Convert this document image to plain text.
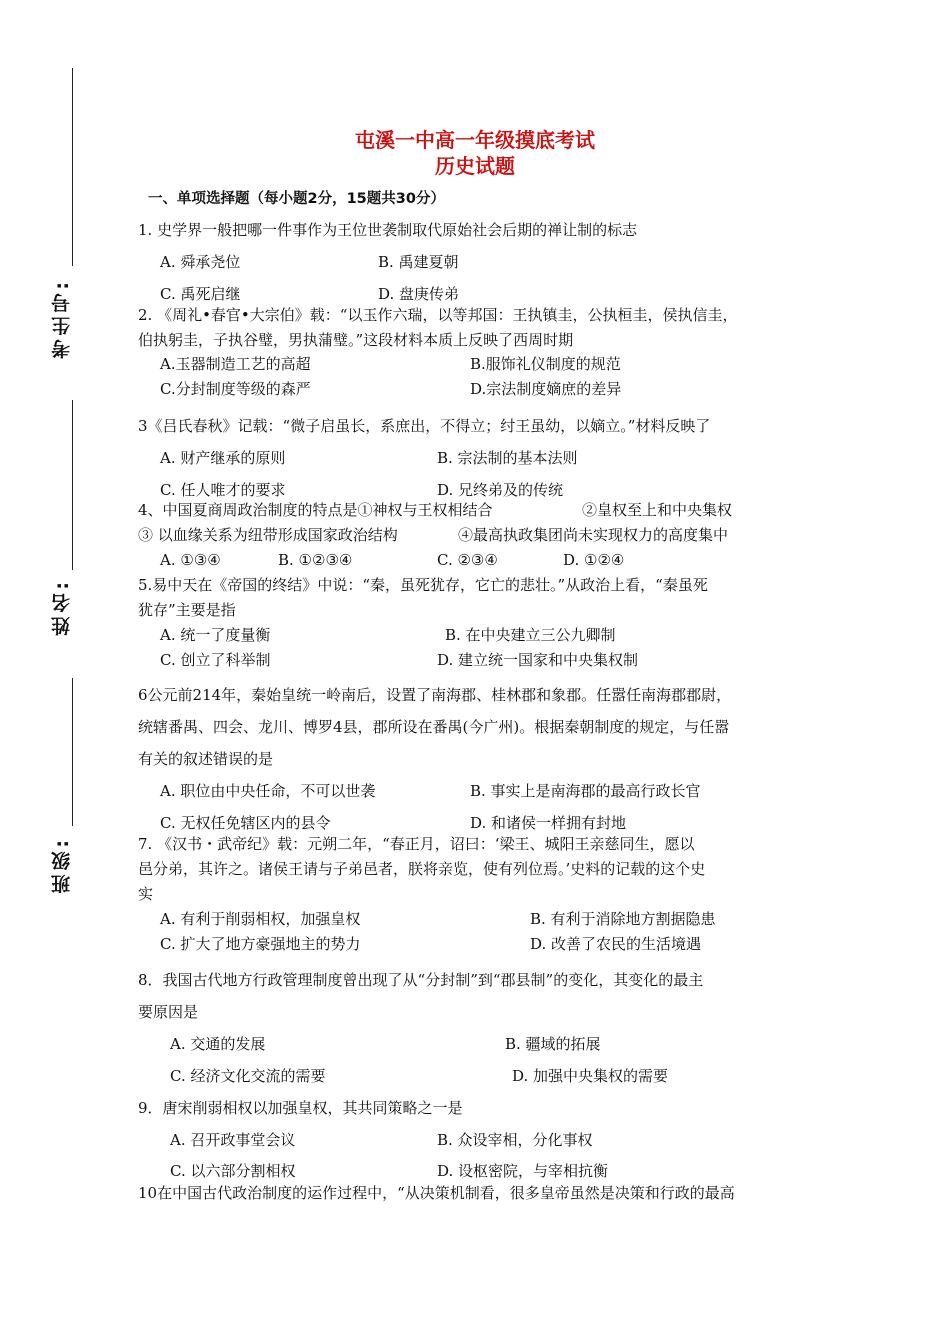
考生号:
姓名:
班级:
屯溪一中高一年级摸底考试
历史试题
一、单项选择题（每小题2分，15题共30分）
1. 史学界一般把哪一件事作为王位世袭制取代原始社会后期的禅让制的标志
A. 舜承尧位	B. 禹建夏朝
C. 禹死启继	D. 盘庚传弟
2. 《周礼•春官•大宗伯》载：“以玉作六瑞，以等邦国：王执镇圭，公执桓圭，侯执信圭，
伯执躬圭，子执谷璧，男执蒲璧。”这段材料本质上反映了西周时期
A.玉器制造工艺的高超	B.服饰礼仪制度的规范
C.分封制度等级的森严	D.宗法制度嫡庶的差异
3《吕氏春秋》记载：“微子启虽长，系庶出，不得立；纣王虽幼，以嫡立。”材料反映了
A. 财产继承的原则	B. 宗法制的基本法则
C. 任人唯才的要求	D. 兄终弟及的传统
4、中国夏商周政治制度的特点是①神权与王权相结合	②皇权至上和中央集权
③ 以血缘关系为纽带形成国家政治结构	④最高执政集团尚未实现权力的高度集中
A. ①③④	B. ①②③④	C. ②③④	D. ①②④
5.易中天在《帝国的终结》中说：“秦，虽死犹存，它亡的悲壮。”从政治上看，“秦虽死
犹存”主要是指
A. 统一了度量衡	B. 在中央建立三公九卿制
C. 创立了科举制	D. 建立统一国家和中央集权制
6公元前214年，秦始皇统一岭南后，设置了南海郡、桂林郡和象郡。任嚣任南海郡郡尉，
统辖番禺、四会、龙川、博罗4县，郡所设在番禺(今广州)。根据秦朝制度的规定，与任嚣
有关的叙述错误的是
A. 职位由中央任命，不可以世袭	B. 事实上是南海郡的最高行政长官
C. 无权任免辖区内的县令	D. 和诸侯一样拥有封地
7. 《汉书・武帝纪》载：元朔二年，“春正月，诏曰：‘梁王、城阳王亲慈同生，愿以
邑分弟，其许之。诸侯王请与子弟邑者，朕将亲览，使有列位焉。’史料的记载的这个史
实
A. 有利于削弱相权，加强皇权	B. 有利于消除地方割据隐患
C. 扩大了地方豪强地主的势力	D. 改善了农民的生活境遇
8．我国古代地方行政管理制度曾出现了从“分封制”到“郡县制”的变化，其变化的最主
要原因是
A. 交通的发展	B. 疆域的拓展
C. 经济文化交流的需要	D. 加强中央集权的需要
9．唐宋削弱相权以加强皇权，其共同策略之一是
A. 召开政事堂会议	B. 众设宰相，分化事权
C. 以六部分割相权	D. 设枢密院，与宰相抗衡
10在中国古代政治制度的运作过程中，“从决策机制看，很多皇帝虽然是决策和行政的最高
